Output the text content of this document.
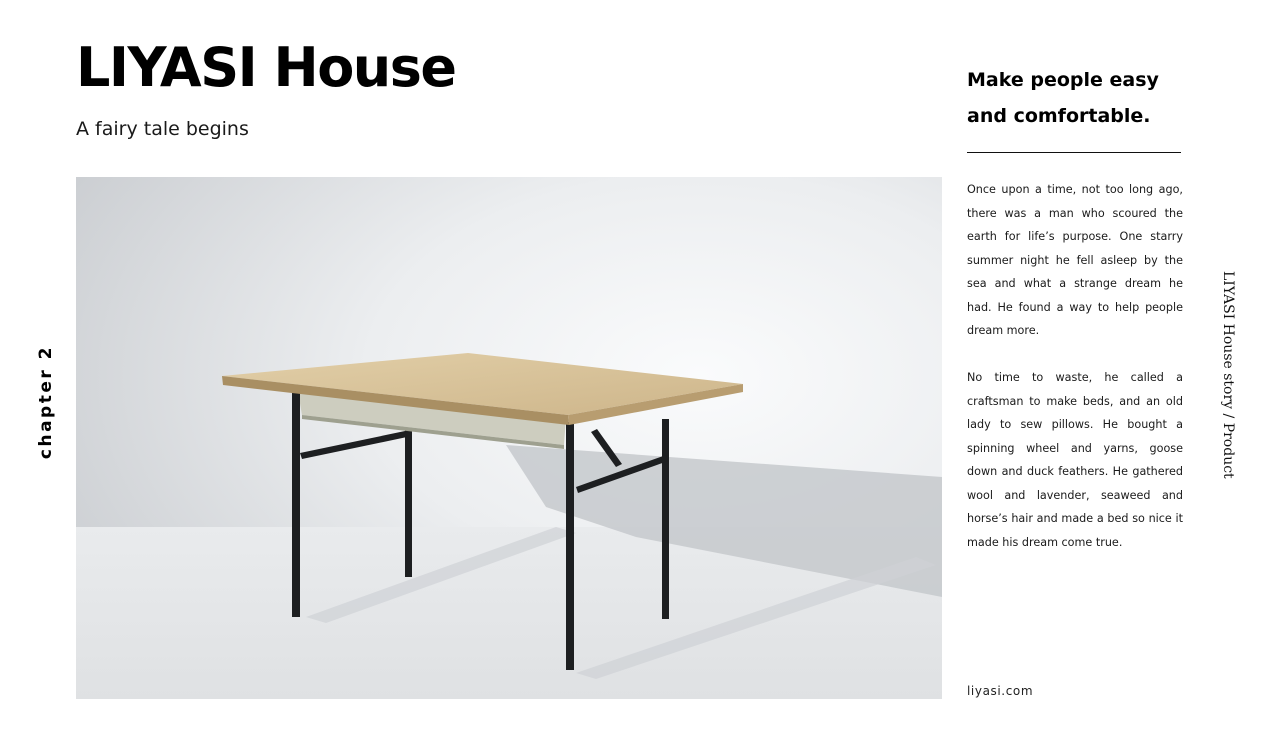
LIYASI House
A fairy tale begins
chapter 2
Make people easy and comfortable.

Once upon a time, not too long ago, there was a man who scoured the earth for life’s purpose. One starry summer night he fell asleep by the sea and what a strange dream he had. He found a way to help people dream more.

No time to waste, he called a craftsman to make beds, and an old lady to sew pillows. He bought a spinning wheel and yarns, goose down and duck feathers. He gathered wool and lavender, seaweed and horse’s hair and made a bed so nice it made his dream come true.

liyasi.com
LIYASI House story / Product
